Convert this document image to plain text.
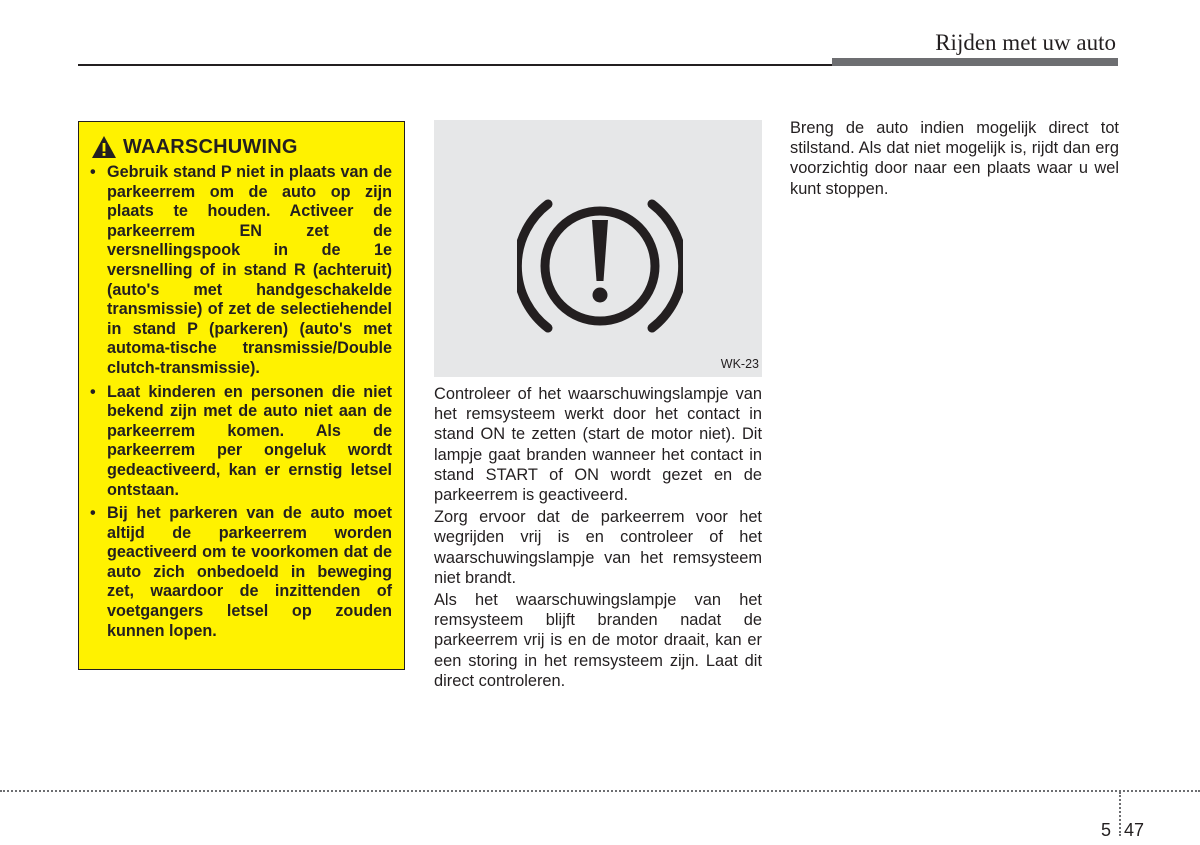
Rijden met uw auto
WAARSCHUWING
• Gebruik stand P niet in plaats van de parkeerrem om de auto op zijn plaats te houden. Activeer de parkeerrem EN zet de versnellingspook in de 1e versnelling of in stand R (achteruit) (auto's met handgeschakelde transmissie) of zet de selectiehendel in stand P (parkeren) (auto's met automa-tische transmissie/Double clutch-transmissie).
• Laat kinderen en personen die niet bekend zijn met de auto niet aan de parkeerrem komen. Als de parkeerrem per ongeluk wordt gedeactiveerd, kan er ernstig letsel ontstaan.
• Bij het parkeren van de auto moet altijd de parkeerrem worden geactiveerd om te voorkomen dat de auto zich onbedoeld in beweging zet, waardoor de inzittenden of voetgangers letsel op zouden kunnen lopen.
WK-23

Controleer of het waarschuwingslampje van het remsysteem werkt door het contact in stand ON te zetten (start de motor niet). Dit lampje gaat branden wanneer het contact in stand START of ON wordt gezet en de parkeerrem is geactiveerd.

Zorg ervoor dat de parkeerrem voor het wegrijden vrij is en controleer of het waarschuwingslampje van het remsysteem niet brandt.

Als het waarschuwingslampje van het remsysteem blijft branden nadat de parkeerrem vrij is en de motor draait, kan er een storing in het remsysteem zijn. Laat dit direct controleren.

Breng de auto indien mogelijk direct tot stilstand. Als dat niet mogelijk is, rijdt dan erg voorzichtig door naar een plaats waar u wel kunt stoppen.

5 47
